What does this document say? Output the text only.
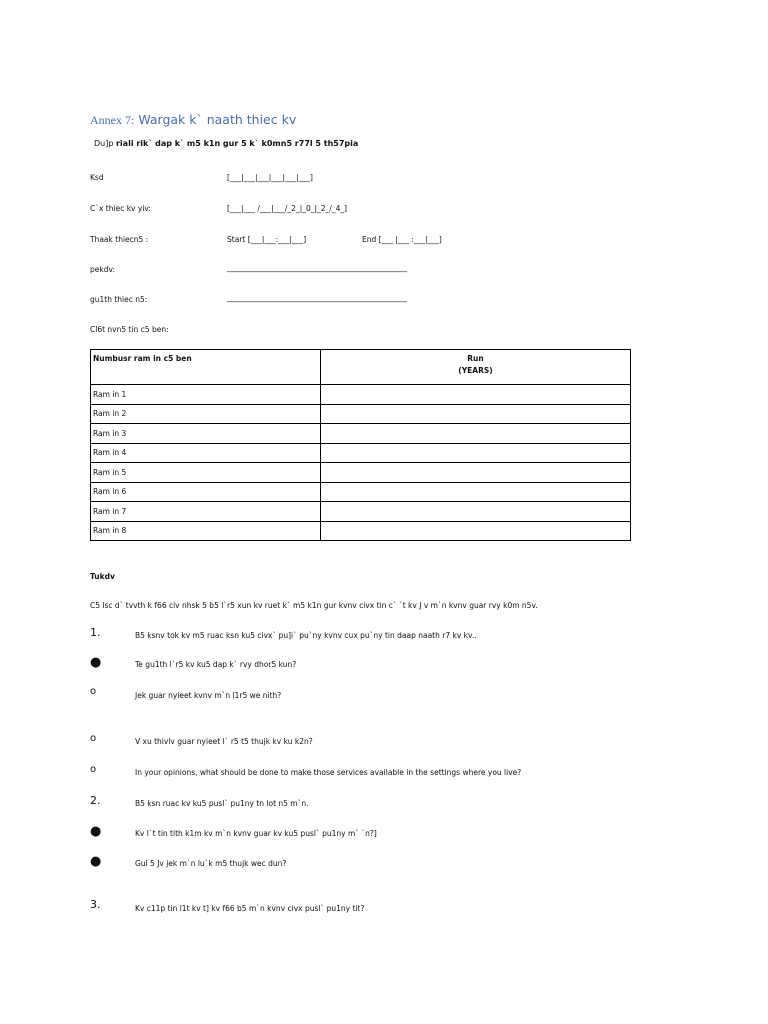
Annex 7: Wargak k` naath thiec kv
Du]p riali rik` dap k` m5 k1n gur 5 k` k0mn5 r77l 5 th57pia
Ksd	[___|___|___|___|___|___]
C`x thiec kv yiv:	[___|___ /___|___/_2_|_0_|_2_/_4_]
Thaak thiecn5 :	Start [___|___:___|___]	End [___ |___ :___|___]
pekdv:	________________________________________________
gu1th thiec n5:	________________________________________________
Cl6t nvn5 tin c5 ben:
Numbusr ram in c5 ben	Run
(YEARS)

Ram in 1	
Ram in 2	
Ram in 3	
Ram in 4	
Ram in 5	
Ram in 6	
Ram in 7	
Ram in 8	
Tukdv
C5 lsc d` tvvth k f66 civ nhsk 5 b5 l`r5 xun kv ruet k` m5 k1n gur kvnv civx tin c` `t kv J v m`n kvnv guar rvy k0m n5v.
1.	B5 ksnv tok kv m5 ruac ksn ku5 civx` pu]i` pu`ny kvnv cux pu`ny tin daap naath r7 kv kv..
●	Te gu1th l`r5 kv ku5 dap k` rvy dhor5 kun?
o	Jek guar nyieet kvnv m`n l1r5 we nith?
o	V xu thivlv guar nyieet l` r5 t5 thujk kv ku k2n?
o	In your opinions, what should be done to make those services available in the settings where you live?
2.	B5 ksn ruac kv ku5 pusl` pu1ny tn lot n5 m`n.
●	Kv l`t tin tith k1m kv m`n kvnv guar kv ku5 pusl` pu1ny m` `n?]
●	Gul 5 Jv jek m`n lu`k m5 thujk wec dun?
3.	Kv c11p tin l1t kv t] kv f66 b5 m`n kvnv civx pusl` pu1ny tit?
